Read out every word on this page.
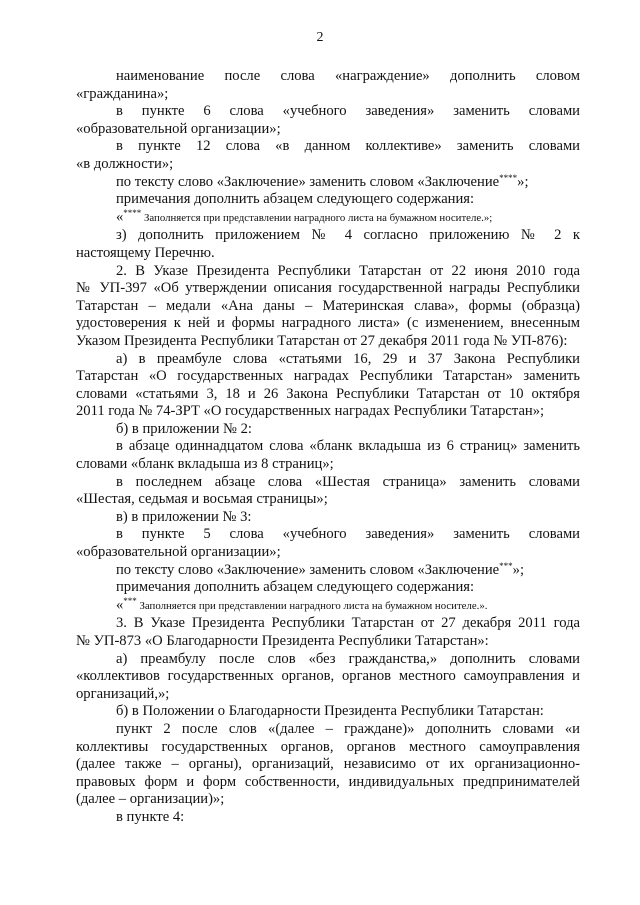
2
наименование после слова «награждение» дополнить словом
«гражданина»;
в пункте 6 слова «учебного заведения» заменить словами
«образовательной организации»;
в пункте 12 слова «в данном коллективе» заменить словами
«в должности»;
по тексту слово «Заключение» заменить словом «Заключение****»;
примечания дополнить абзацем следующего содержания:
«**** Заполняется при представлении наградного листа на бумажном носителе.»;
з) дополнить приложением № 4 согласно приложению № 2 к
настоящему Перечню.
2. В Указе Президента Республики Татарстан от 22 июня 2010 года
№ УП-397 «Об утверждении описания государственной награды Республики
Татарстан – медали «Ана даны – Материнская слава», формы (образца)
удостоверения к ней и формы наградного листа» (с изменением, внесенным
Указом Президента Республики Татарстан от 27 декабря 2011 года № УП-876):
а) в преамбуле слова «статьями 16, 29 и 37 Закона Республики
Татарстан «О государственных наградах Республики Татарстан» заменить
словами «статьями 3, 18 и 26 Закона Республики Татарстан от 10 октября
2011 года № 74-ЗРТ «О государственных наградах Республики Татарстан»;
б) в приложении № 2:
в абзаце одиннадцатом слова «бланк вкладыша из 6 страниц» заменить
словами «бланк вкладыша из 8 страниц»;
в последнем абзаце слова «Шестая страница» заменить словами
«Шестая, седьмая и восьмая страницы»;
в) в приложении № 3:
в пункте 5 слова «учебного заведения» заменить словами
«образовательной организации»;
по тексту слово «Заключение» заменить словом «Заключение***»;
примечания дополнить абзацем следующего содержания:
«*** Заполняется при представлении наградного листа на бумажном носителе.».
3. В Указе Президента Республики Татарстан от 27 декабря 2011 года
№ УП-873 «О Благодарности Президента Республики Татарстан»:
а) преамбулу после слов «без гражданства,» дополнить словами
«коллективов государственных органов, органов местного самоуправления и
организаций,»;
б) в Положении о Благодарности Президента Республики Татарстан:
пункт 2 после слов «(далее – граждане)» дополнить словами «и
коллективы государственных органов, органов местного самоуправления
(далее также – органы), организаций, независимо от их организационно-
правовых форм и форм собственности, индивидуальных предпринимателей
(далее – организации)»;
в пункте 4:
